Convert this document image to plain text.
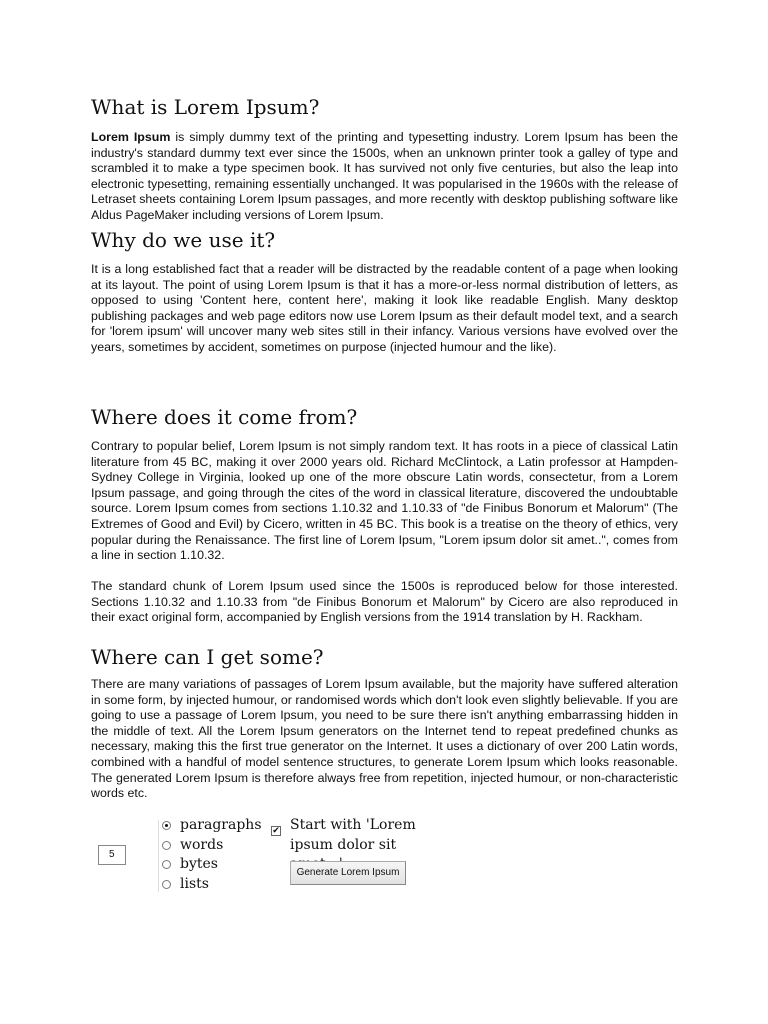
What is Lorem Ipsum?

Lorem Ipsum is simply dummy text of the printing and typesetting industry. Lorem Ipsum has been the industry's standard dummy text ever since the 1500s, when an unknown printer took a galley of type and scrambled it to make a type specimen book. It has survived not only five centuries, but also the leap into electronic typesetting, remaining essentially unchanged. It was popularised in the 1960s with the release of Letraset sheets containing Lorem Ipsum passages, and more recently with desktop publishing software like Aldus PageMaker including versions of Lorem Ipsum.

Why do we use it?

It is a long established fact that a reader will be distracted by the readable content of a page when looking at its layout. The point of using Lorem Ipsum is that it has a more-or-less normal distribution of letters, as opposed to using 'Content here, content here', making it look like readable English. Many desktop publishing packages and web page editors now use Lorem Ipsum as their default model text, and a search for 'lorem ipsum' will uncover many web sites still in their infancy. Various versions have evolved over the years, sometimes by accident, sometimes on purpose (injected humour and the like).

Where does it come from?

Contrary to popular belief, Lorem Ipsum is not simply random text. It has roots in a piece of classical Latin literature from 45 BC, making it over 2000 years old. Richard McClintock, a Latin professor at Hampden-Sydney College in Virginia, looked up one of the more obscure Latin words, consectetur, from a Lorem Ipsum passage, and going through the cites of the word in classical literature, discovered the undoubtable source. Lorem Ipsum comes from sections 1.10.32 and 1.10.33 of "de Finibus Bonorum et Malorum" (The Extremes of Good and Evil) by Cicero, written in 45 BC. This book is a treatise on the theory of ethics, very popular during the Renaissance. The first line of Lorem Ipsum, "Lorem ipsum dolor sit amet..", comes from a line in section 1.10.32.

The standard chunk of Lorem Ipsum used since the 1500s is reproduced below for those interested. Sections 1.10.32 and 1.10.33 from "de Finibus Bonorum et Malorum" by Cicero are also reproduced in their exact original form, accompanied by English versions from the 1914 translation by H. Rackham.

Where can I get some?

There are many variations of passages of Lorem Ipsum available, but the majority have suffered alteration in some form, by injected humour, or randomised words which don't look even slightly believable. If you are going to use a passage of Lorem Ipsum, you need to be sure there isn't anything embarrassing hidden in the middle of text. All the Lorem Ipsum generators on the Internet tend to repeat predefined chunks as necessary, making this the first true generator on the Internet. It uses a dictionary of over 200 Latin words, combined with a handful of model sentence structures, to generate Lorem Ipsum which looks reasonable. The generated Lorem Ipsum is therefore always free from repetition, injected humour, or non-characteristic words etc.

5
paragraphs
words
bytes
lists
✔ Start with 'Lorem ipsum dolor sit
Generate Lorem Ipsum
